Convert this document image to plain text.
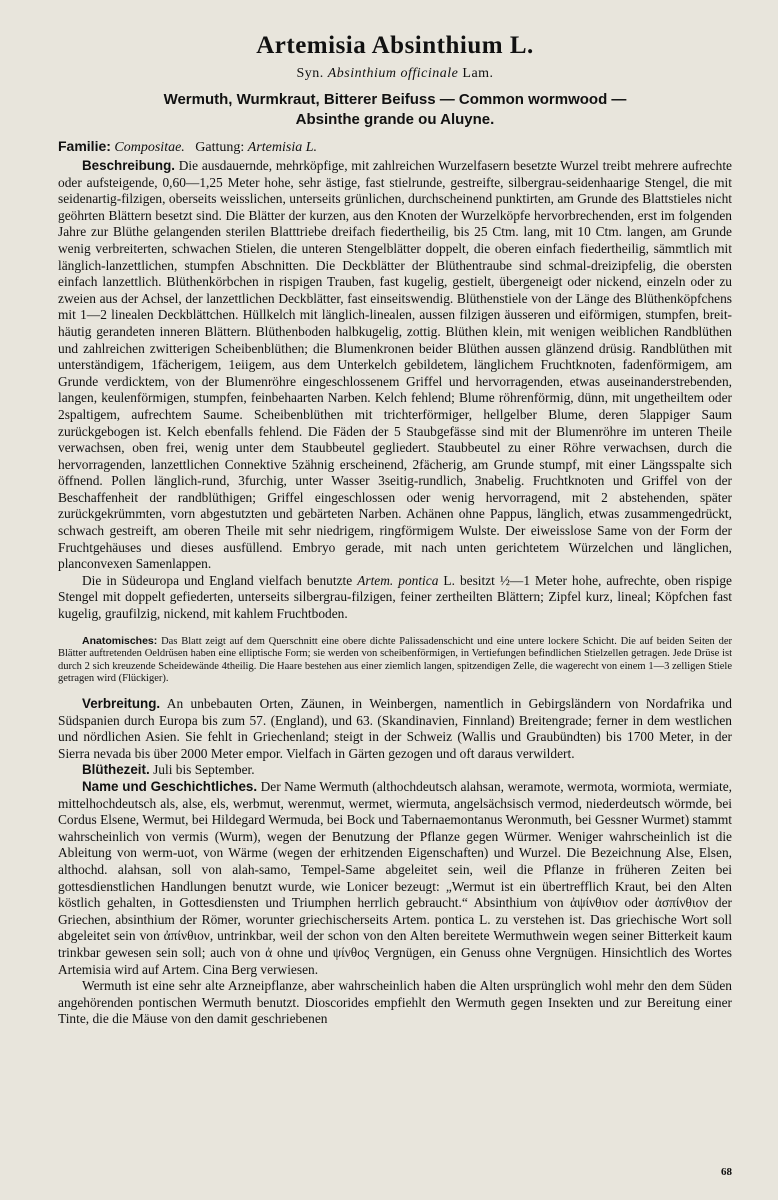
Artemisia Absinthium L.
Syn. Absinthium officinale Lam.
Wermuth, Wurmkraut, Bitterer Beifuss — Common wormwood —
Absinthe grande ou Aluyne.
Familie: Compositae. Gattung: Artemisia L.

Beschreibung. Die ausdauernde, mehrköpfige, mit zahlreichen Wurzelfasern besetzte Wurzel treibt mehrere aufrechte oder aufsteigende, 0,60—1,25 Meter hohe, sehr ästige, fast stielrunde, gestreifte, silbergrau-seidenhaarige Stengel, die mit seidenartig-filzigen, oberseits weisslichen, unterseits grünlichen, durchscheinend punktirten, am Grunde des Blattstieles nicht geöhrten Blättern besetzt sind. Die Blätter der kurzen, aus den Knoten der Wurzelköpfe hervorbrechenden, erst im folgenden Jahre zur Blüthe gelangenden sterilen Blatttriebe dreifach fiedertheilig, bis 25 Ctm. lang, mit 10 Ctm. langen, am Grunde wenig verbreiterten, schwachen Stielen, die unteren Stengelblätter doppelt, die oberen einfach fiedertheilig, sämmtlich mit länglich-lanzettlichen, stumpfen Abschnitten. Die Deckblätter der Blüthentraube sind schmal-dreizipfelig, die obersten einfach lanzettlich. Blüthenkörbchen in rispigen Trauben, fast kugelig, gestielt, übergeneigt oder nickend, einzeln oder zu zweien aus der Achsel, der lanzettlichen Deckblätter, fast einseitswendig. Blüthenstiele von der Länge des Blüthenköpfchens mit 1—2 linealen Deckblättchen. Hüllkelch mit länglich-linealen, aussen filzigen äusseren und eiförmigen, stumpfen, breit-häutig gerandeten inneren Blättern. Blüthenboden halbkugelig, zottig. Blüthen klein, mit wenigen weiblichen Randblüthen und zahlreichen zwitterigen Scheibenblüthen; die Blumenkronen beider Blüthen aussen glänzend drüsig. Randblüthen mit unterständigem, 1fächerigem, 1eiigem, aus dem Unterkelch gebildetem, länglichem Fruchtknoten, fadenförmigem, am Grunde verdicktem, von der Blumenröhre eingeschlossenem Griffel und hervorragenden, etwas auseinanderstrebenden, langen, keulenförmigen, stumpfen, feinbehaarten Narben. Kelch fehlend; Blume röhrenförmig, dünn, mit ungetheiltem oder 2spaltigem, aufrechtem Saume. Scheibenblüthen mit trichterförmiger, hellgelber Blume, deren 5lappiger Saum zurückgebogen ist. Kelch ebenfalls fehlend. Die Fäden der 5 Staubgefässe sind mit der Blumenröhre im unteren Theile verwachsen, oben frei, wenig unter dem Staubbeutel gegliedert. Staubbeutel zu einer Röhre verwachsen, durch die hervorragenden, lanzettlichen Connektive 5zähnig erscheinend, 2fächerig, am Grunde stumpf, mit einer Längsspalte sich öffnend. Pollen länglich-rund, 3furchig, unter Wasser 3seitig-rundlich, 3nabelig. Fruchtknoten und Griffel von der Beschaffenheit der randblüthigen; Griffel eingeschlossen oder wenig hervorragend, mit 2 abstehenden, später zurückgekrümmten, vorn abgestutzten und gebärteten Narben. Achänen ohne Pappus, länglich, etwas zusammengedrückt, schwach gestreift, am oberen Theile mit sehr niedrigem, ringförmigem Wulste. Der eiweisslose Same von der Form der Fruchtgehäuses und dieses ausfüllend. Embryo gerade, mit nach unten gerichtetem Würzelchen und länglichen, planconvexen Samenlappen.

Die in Südeuropa und England vielfach benutzte Artem. pontica L. besitzt ½—1 Meter hohe, aufrechte, oben rispige Stengel mit doppelt gefiederten, unterseits silbergrau-filzigen, feiner zertheilten Blättern; Zipfel kurz, lineal; Köpfchen fast kugelig, graufilzig, nickend, mit kahlem Fruchtboden.

Anatomisches: Das Blatt zeigt auf dem Querschnitt eine obere dichte Palissadenschicht und eine untere lockere Schicht. Die auf beiden Seiten der Blätter auftretenden Oeldrüsen haben eine elliptische Form; sie werden von scheibenförmigen, in Vertiefungen befindlichen Stielzellen getragen. Jede Drüse ist durch 2 sich kreuzende Scheidewände 4theilig. Die Haare bestehen aus einer ziemlich langen, spitzendigen Zelle, die wagerecht von einem 1—3 zelligen Stiele getragen wird (Flückiger).

Verbreitung. An unbebauten Orten, Zäunen, in Weinbergen, namentlich in Gebirgsländern von Nordafrika und Südspanien durch Europa bis zum 57. (England), und 63. (Skandinavien, Finnland) Breitengrade; ferner in dem westlichen und nördlichen Asien. Sie fehlt in Griechenland; steigt in der Schweiz (Wallis und Graubündten) bis 1700 Meter, in der Sierra nevada bis über 2000 Meter empor. Vielfach in Gärten gezogen und oft daraus verwildert.

Blüthezeit. Juli bis September.

Name und Geschichtliches. Der Name Wermuth (althochdeutsch alahsan, weramote, wermota, wormiota, wermiate, mittelhochdeutsch als, alse, els, werbmut, werenmut, wermet, wiermuta, angelsächsisch vermod, niederdeutsch wörmde, bei Cordus Elsene, Wermut, bei Hildegard Wermuda, bei Bock und Tabernaemontanus Weronmuth, bei Gessner Wurmet) stammt wahrscheinlich von vermis (Wurm), wegen der Benutzung der Pflanze gegen Würmer. Weniger wahrscheinlich ist die Ableitung von werm-uot, von Wärme (wegen der erhitzenden Eigenschaften) und Wurzel. Die Bezeichnung Alse, Elsen, althochd. alahsan, soll von alah-samo, Tempel-Same abgeleitet sein, weil die Pflanze in früheren Zeiten bei gottesdienstlichen Handlungen benutzt wurde, wie Lonicer bezeugt: „Wermut ist ein übertrefflich Kraut, bei den Alten köstlich gehalten, in Gottesdiensten und Triumphen herrlich gebraucht.“ Absinthium von ἀψίνθιον oder ἀσπίνθιον der Griechen, absinthium der Römer, worunter griechischerseits Artem. pontica L. zu verstehen ist. Das griechische Wort soll abgeleitet sein von ἀπίνθιον, untrinkbar, weil der schon von den Alten bereitete Wermuthwein wegen seiner Bitterkeit kaum trinkbar gewesen sein soll; auch von ἀ ohne und ψίνθος Vergnügen, ein Genuss ohne Vergnügen. Hinsichtlich des Wortes Artemisia wird auf Artem. Cina Berg verwiesen.

Wermuth ist eine sehr alte Arzneipflanze, aber wahrscheinlich haben die Alten ursprünglich wohl mehr den dem Süden angehörenden pontischen Wermuth benutzt. Dioscorides empfiehlt den Wermuth gegen Insekten und zur Bereitung einer Tinte, die die Mäuse von den damit geschriebenen

68
